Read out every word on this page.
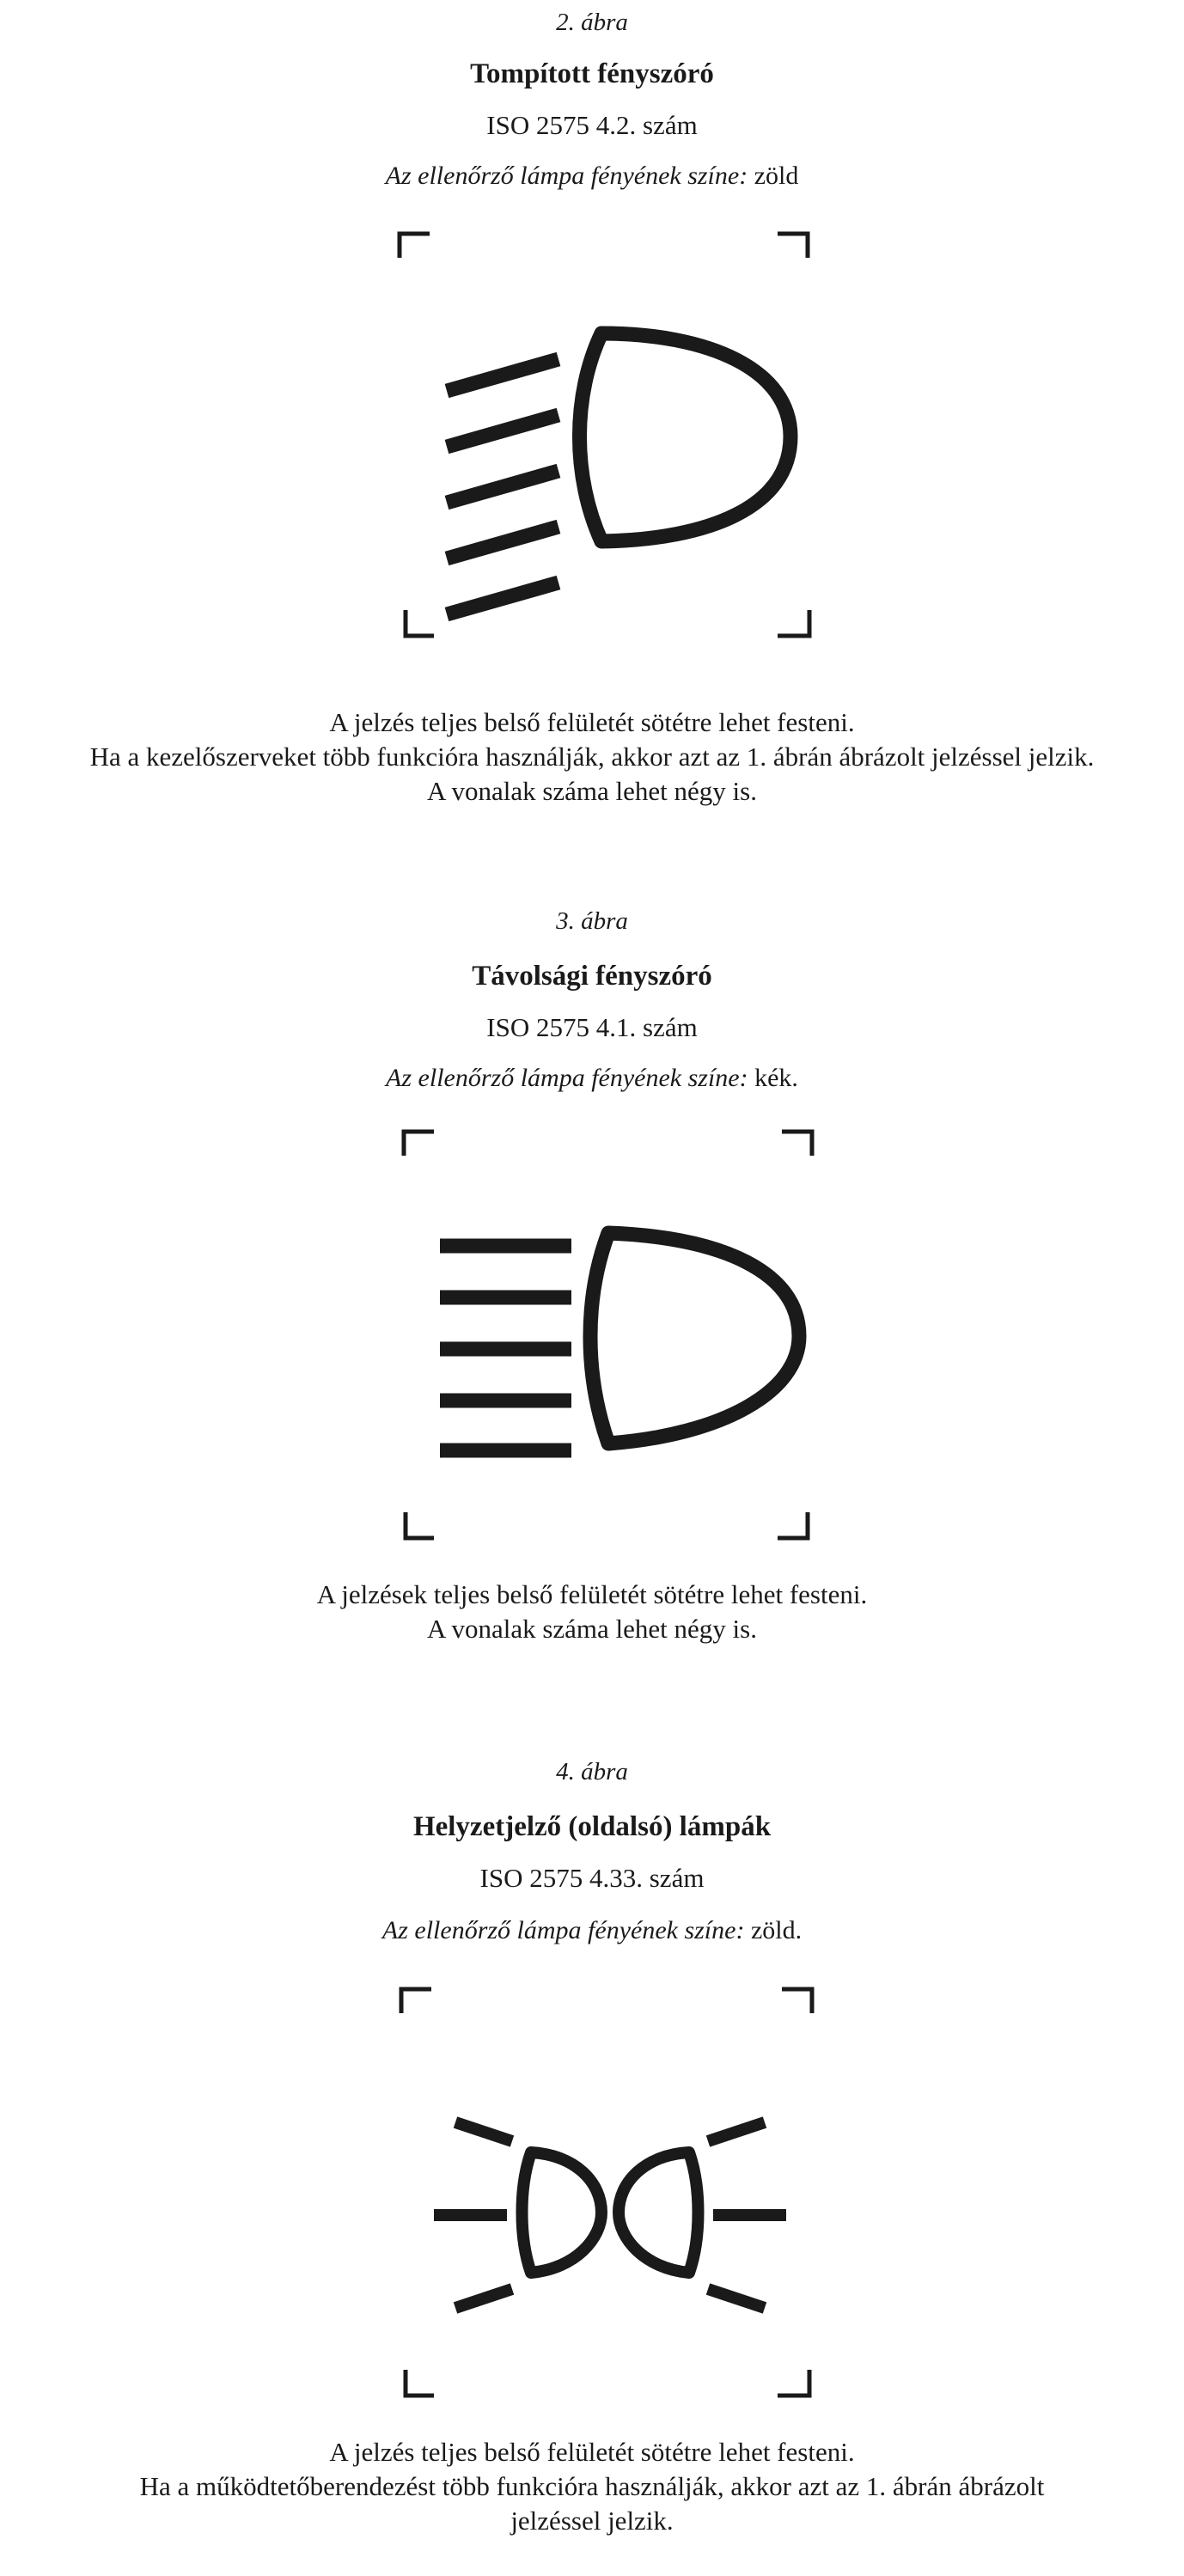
2. ábra
Tompított fényszóró
ISO 2575 4.2. szám
Az ellenőrző lámpa fényének színe: zöld
A jelzés teljes belső felületét sötétre lehet festeni.
Ha a kezelőszerveket több funkcióra használják, akkor azt az 1. ábrán ábrázolt jelzéssel jelzik.
A vonalak száma lehet négy is.
3. ábra
Távolsági fényszóró
ISO 2575 4.1. szám
Az ellenőrző lámpa fényének színe: kék.
A jelzések teljes belső felületét sötétre lehet festeni.
A vonalak száma lehet négy is.
4. ábra
Helyzetjelző (oldalsó) lámpák
ISO 2575 4.33. szám
Az ellenőrző lámpa fényének színe: zöld.
A jelzés teljes belső felületét sötétre lehet festeni.
Ha a működtetőberendezést több funkcióra használják, akkor azt az 1. ábrán ábrázolt
jelzéssel jelzik.
